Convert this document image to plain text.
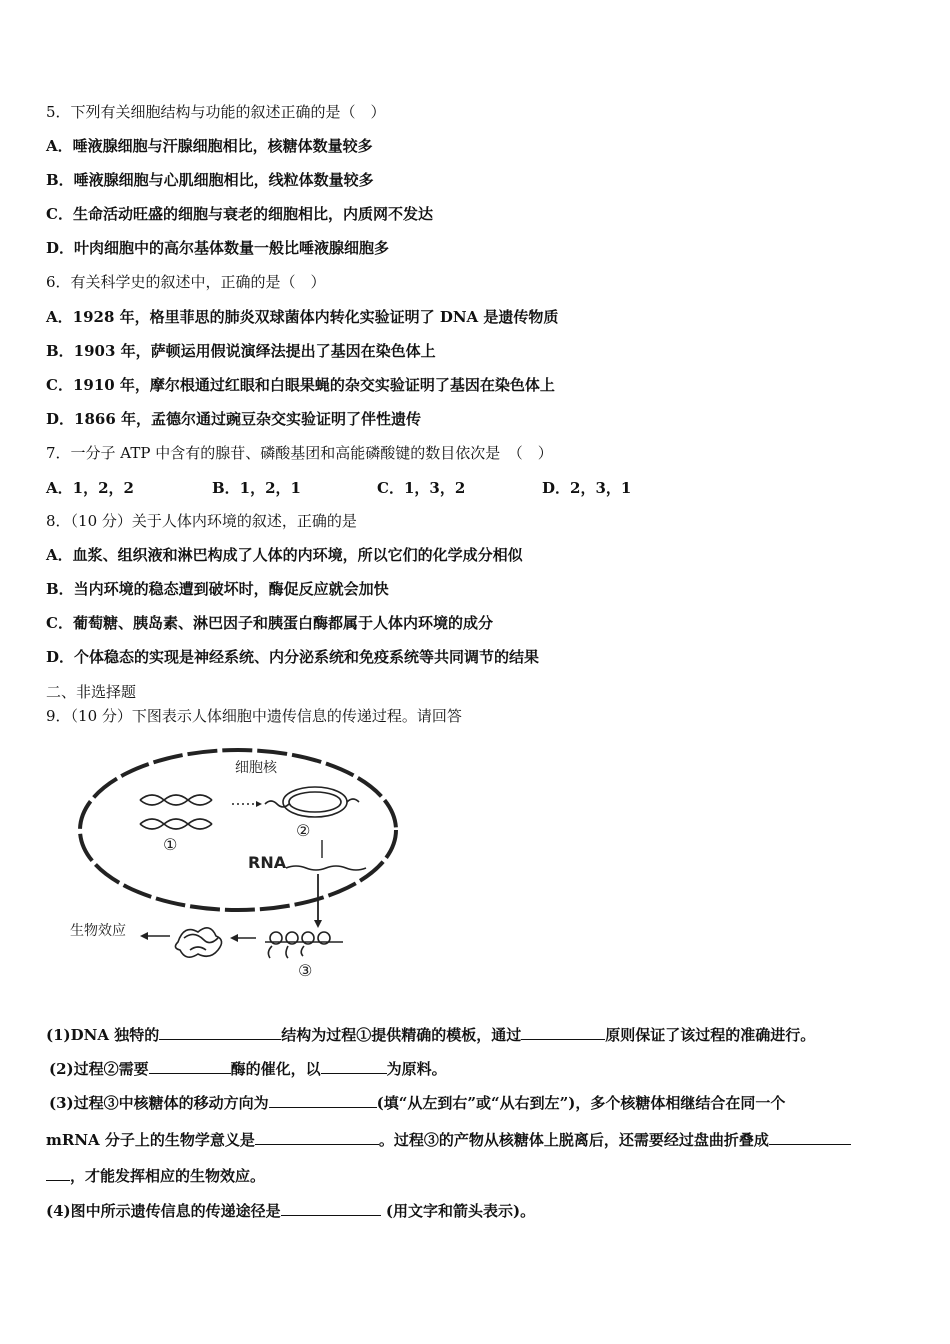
5．下列有关细胞结构与功能的叙述正确的是（　）
A．唾液腺细胞与汗腺细胞相比，核糖体数量较多
B．唾液腺细胞与心肌细胞相比，线粒体数量较多
C．生命活动旺盛的细胞与衰老的细胞相比，内质网不发达
D．叶肉细胞中的高尔基体数量一般比唾液腺细胞多
6．有关科学史的叙述中，正确的是（　）
A．1928 年，格里菲思的肺炎双球菌体内转化实验证明了 DNA 是遗传物质
B．1903 年，萨顿运用假说演绎法提出了基因在染色体上
C．1910 年，摩尔根通过红眼和白眼果蝇的杂交实验证明了基因在染色体上
D．1866 年，孟德尔通过豌豆杂交实验证明了伴性遗传
7．一分子 ATP 中含有的腺苷、磷酸基团和高能磷酸键的数目依次是　（　）
A．1，2，2	B．1，2，1	C．1，3，2	D．2，3，1
8．（10 分）关于人体内环境的叙述，正确的是
A．血浆、组织液和淋巴构成了人体的内环境，所以它们的化学成分相似
B．当内环境的稳态遭到破坏时，酶促反应就会加快
C．葡萄糖、胰岛素、淋巴因子和胰蛋白酶都属于人体内环境的成分
D．个体稳态的实现是神经系统、内分泌系统和免疫系统等共同调节的结果
二、非选择题
9．（10 分）下图表示人体细胞中遗传信息的传递过程。请回答
细胞核
②
①
RNA
③
生物效应
(1)DNA 独特的	结构为过程①提供精确的模板，通过	原则保证了该过程的准确进行。
(2)过程②需要	酶的催化，以	为原料。
(3)过程③中核糖体的移动方向为	(填“从左到右”或“从右到左”)，多个核糖体相继结合在同一个
mRNA 分子上的生物学意义是	。过程③的产物从核糖体上脱离后，还需要经过盘曲折叠成
，才能发挥相应的生物效应。
(4)图中所示遗传信息的传递途径是	(用文字和箭头表示)。
